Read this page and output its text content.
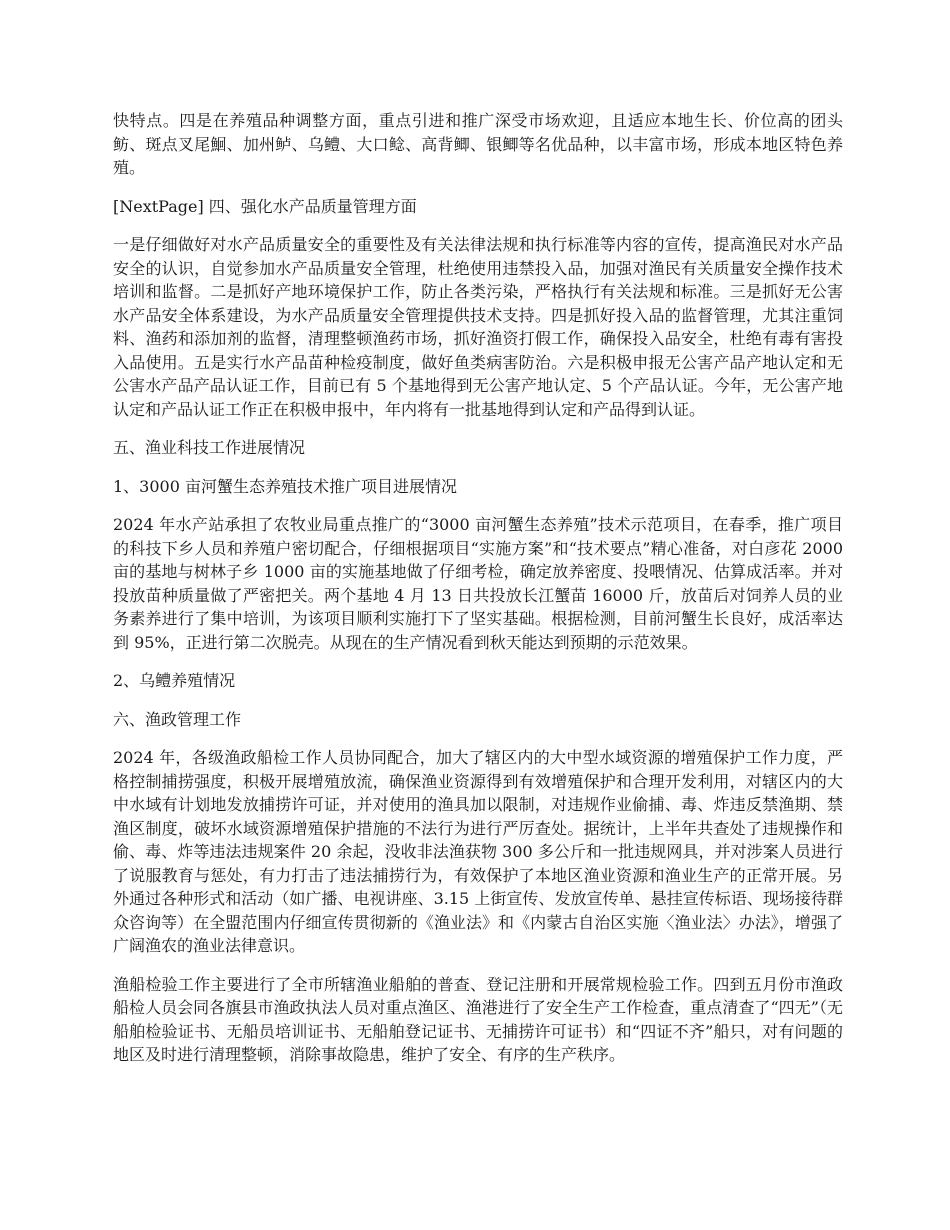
快特点。四是在养殖品种调整方面，重点引进和推广深受市场欢迎，且适应本地生长、价位高的团头鲂、斑点叉尾鮰、加州鲈、乌鳢、大口鲶、高背鲫、银鲫等名优品种，以丰富市场，形成本地区特色养殖。

[NextPage] 四、强化水产品质量管理方面

一是仔细做好对水产品质量安全的重要性及有关法律法规和执行标准等内容的宣传，提高渔民对水产品安全的认识，自觉参加水产品质量安全管理，杜绝使用违禁投入品，加强对渔民有关质量安全操作技术培训和监督。二是抓好产地环境保护工作，防止各类污染，严格执行有关法规和标准。三是抓好无公害水产品安全体系建设，为水产品质量安全管理提供技术支持。四是抓好投入品的监督管理，尤其注重饲料、渔药和添加剂的监督，清理整顿渔药市场，抓好渔资打假工作，确保投入品安全，杜绝有毒有害投入品使用。五是实行水产品苗种检疫制度，做好鱼类病害防治。六是积极申报无公害产品产地认定和无公害水产品产品认证工作，目前已有 5 个基地得到无公害产地认定、5 个产品认证。今年，无公害产地认定和产品认证工作正在积极申报中，年内将有一批基地得到认定和产品得到认证。

五、渔业科技工作进展情况

1、3000 亩河蟹生态养殖技术推广项目进展情况

2024 年水产站承担了农牧业局重点推广的“3000 亩河蟹生态养殖”技术示范项目，在春季，推广项目的科技下乡人员和养殖户密切配合，仔细根据项目“实施方案”和“技术要点”精心准备，对白彦花 2000 亩的基地与树林子乡 1000 亩的实施基地做了仔细考检，确定放养密度、投喂情况、估算成活率。并对投放苗种质量做了严密把关。两个基地 4 月 13 日共投放长江蟹苗 16000 斤，放苗后对饲养人员的业务素养进行了集中培训，为该项目顺利实施打下了坚实基础。根据检测，目前河蟹生长良好，成活率达到 95%，正进行第二次脱壳。从现在的生产情况看到秋天能达到预期的示范效果。

2、乌鳢养殖情况

六、渔政管理工作

2024 年，各级渔政船检工作人员协同配合，加大了辖区内的大中型水域资源的增殖保护工作力度，严格控制捕捞强度，积极开展增殖放流，确保渔业资源得到有效增殖保护和合理开发利用，对辖区内的大中水域有计划地发放捕捞许可证，并对使用的渔具加以限制，对违规作业偷捕、毒、炸违反禁渔期、禁渔区制度，破坏水域资源增殖保护措施的不法行为进行严厉查处。据统计，上半年共查处了违规操作和偷、毒、炸等违法违规案件 20 余起，没收非法渔获物 300 多公斤和一批违规网具，并对涉案人员进行了说服教育与惩处，有力打击了违法捕捞行为，有效保护了本地区渔业资源和渔业生产的正常开展。另外通过各种形式和活动（如广播、电视讲座、3.15 上街宣传、发放宣传单、悬挂宣传标语、现场接待群众咨询等）在全盟范围内仔细宣传贯彻新的《渔业法》和《内蒙古自治区实施〈渔业法〉办法》，增强了广阔渔农的渔业法律意识。

渔船检验工作主要进行了全市所辖渔业船舶的普查、登记注册和开展常规检验工作。四到五月份市渔政船检人员会同各旗县市渔政执法人员对重点渔区、渔港进行了安全生产工作检查，重点清查了“四无”（无船舶检验证书、无船员培训证书、无船舶登记证书、无捕捞许可证书）和“四证不齐”船只，对有问题的地区及时进行清理整顿，消除事故隐患，维护了安全、有序的生产秩序。
